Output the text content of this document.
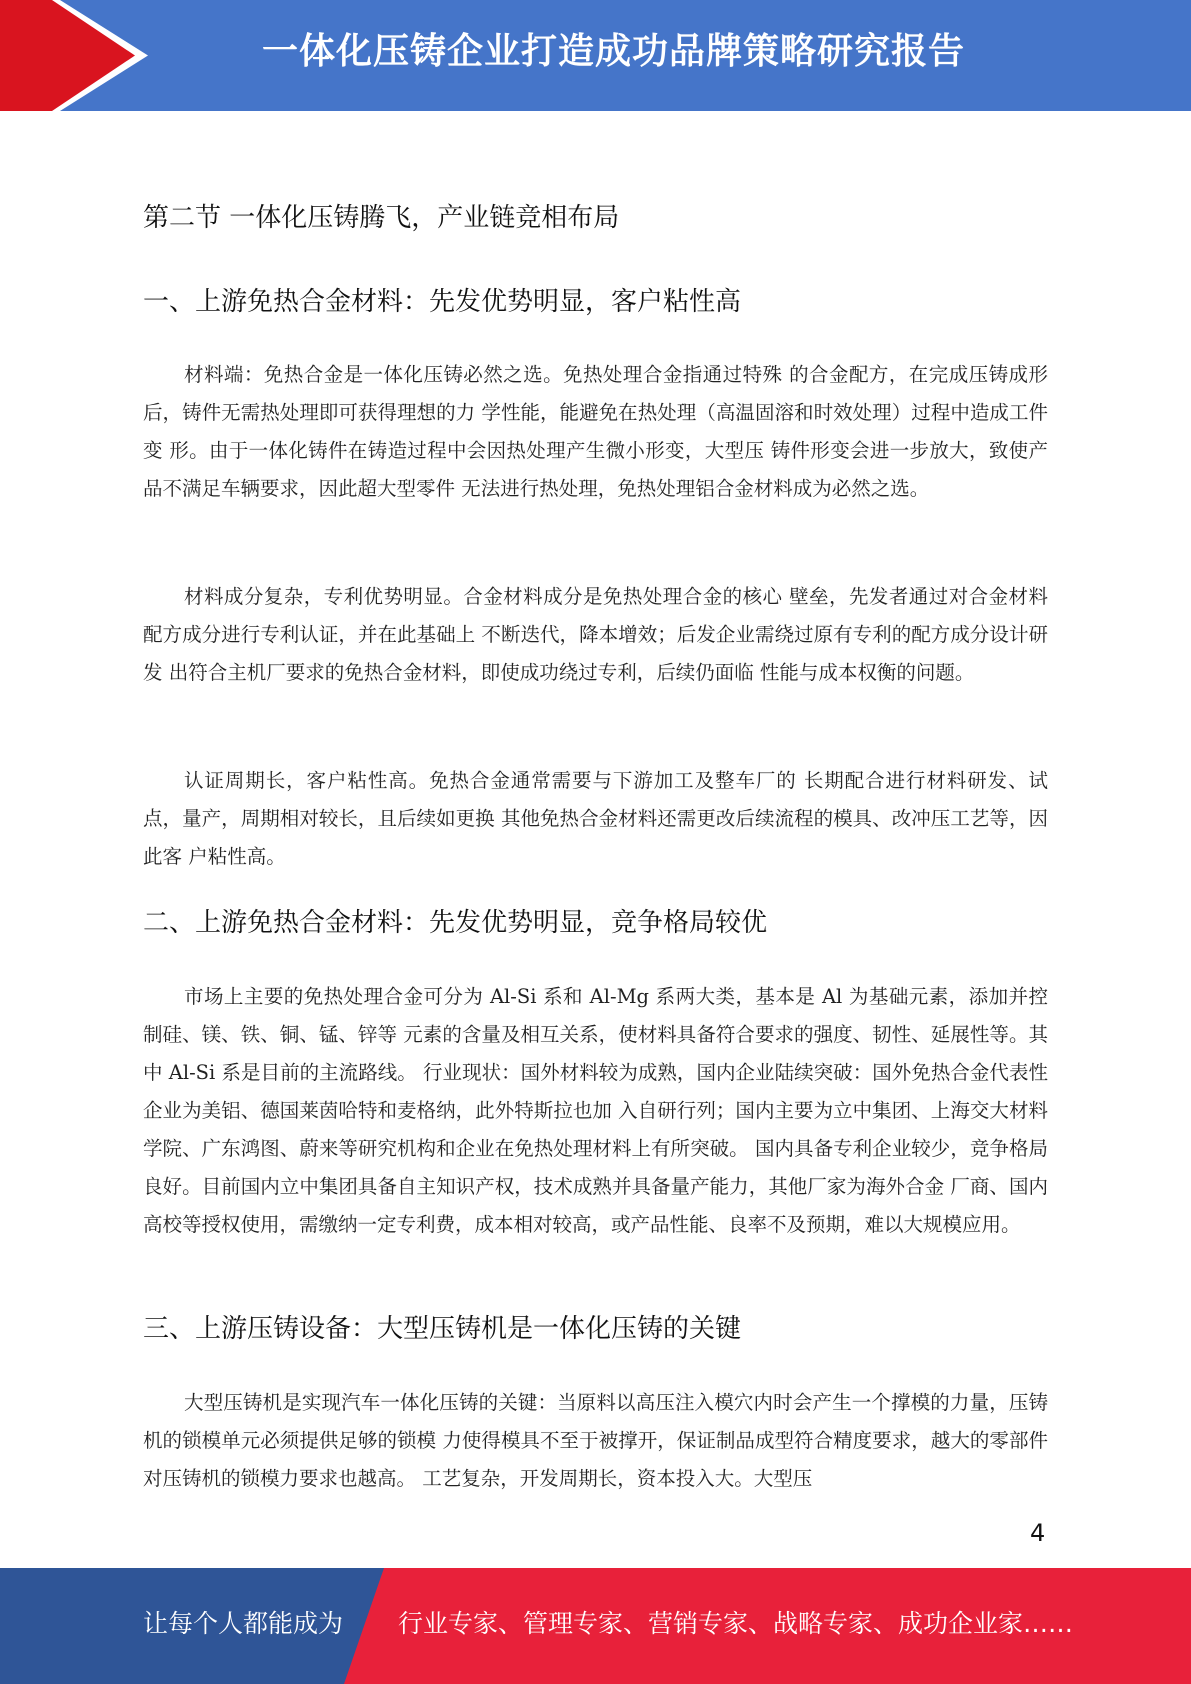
一体化压铸企业打造成功品牌策略研究报告
第二节 一体化压铸腾飞，产业链竞相布局
一、上游免热合金材料：先发优势明显，客户粘性高

材料端：免热合金是一体化压铸必然之选。免热处理合金指通过特殊 的合金配方，在完成压铸成形后，铸件无需热处理即可获得理想的力 学性能，能避免在热处理（高温固溶和时效处理）过程中造成工件变 形。由于一体化铸件在铸造过程中会因热处理产生微小形变，大型压 铸件形变会进一步放大，致使产品不满足车辆要求，因此超大型零件 无法进行热处理，免热处理铝合金材料成为必然之选。

材料成分复杂，专利优势明显。合金材料成分是免热处理合金的核心 壁垒，先发者通过对合金材料配方成分进行专利认证，并在此基础上 不断迭代，降本增效；后发企业需绕过原有专利的配方成分设计研发 出符合主机厂要求的免热合金材料，即使成功绕过专利，后续仍面临 性能与成本权衡的问题。

认证周期长，客户粘性高。免热合金通常需要与下游加工及整车厂的 长期配合进行材料研发、试点，量产，周期相对较长，且后续如更换 其他免热合金材料还需更改后续流程的模具、改冲压工艺等，因此客 户粘性高。

二、上游免热合金材料：先发优势明显，竞争格局较优

市场上主要的免热处理合金可分为 Al-Si 系和 Al-Mg 系两大类，基本是 Al 为基础元素，添加并控制硅、镁、铁、铜、锰、锌等 元素的含量及相互关系，使材料具备符合要求的强度、韧性、延展性等。其中 Al-Si 系是目前的主流路线。 行业现状：国外材料较为成熟，国内企业陆续突破：国外免热合金代表性企业为美铝、德国莱茵哈特和麦格纳，此外特斯拉也加 入自研行列；国内主要为立中集团、上海交大材料学院、广东鸿图、蔚来等研究机构和企业在免热处理材料上有所突破。 国内具备专利企业较少，竞争格局良好。目前国内立中集团具备自主知识产权，技术成熟并具备量产能力，其他厂家为海外合金 厂商、国内高校等授权使用，需缴纳一定专利费，成本相对较高，或产品性能、良率不及预期，难以大规模应用。

三、上游压铸设备：大型压铸机是一体化压铸的关键

大型压铸机是实现汽车一体化压铸的关键：当原料以高压注入模穴内时会产生一个撑模的力量，压铸机的锁模单元必须提供足够的锁模 力使得模具不至于被撑开，保证制品成型符合精度要求，越大的零部件对压铸机的锁模力要求也越高。 工艺复杂，开发周期长，资本投入大。大型压

4
让每个人都能成为 行业专家、管理专家、营销专家、战略专家、成功企业家……
